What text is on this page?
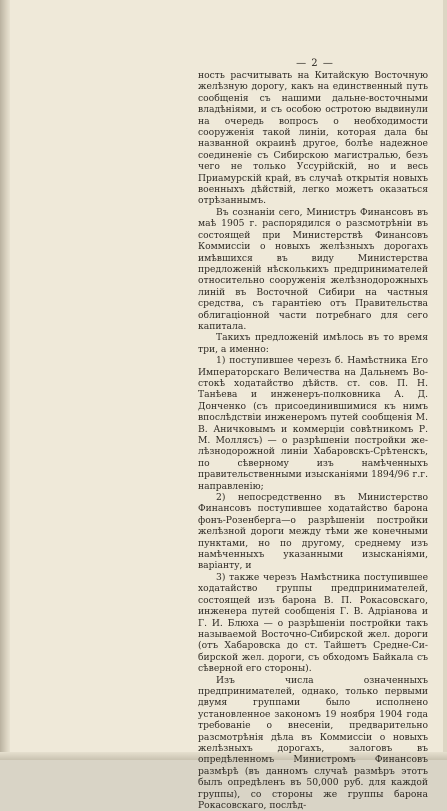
— 2 —

ность расчитывать на Китайскую Восточную желѣзную дорогу, какъ на единственный путь сообщенія съ нашими дальне-восточными владѣніями, и съ особою остротою выдвинули на очередь вопросъ о необходимости сооруженія такой линіи, которая дала бы названной окраинѣ другое, болѣе надежное соединеніе съ Сибирскою магистралью, безъ чего не только Уссурійскій, но и весь Приамурскій край, въ случаѣ открытія новыхъ военныхъ дѣйствій, легко можетъ оказаться отрѣзаннымъ.

Въ сознаніи сего, Министръ Финансовъ въ маѣ 1905 г. распорядился о разсмотрѣніи въ состоящей при Министерствѣ Финансовъ Коммиссіи о новыхъ желѣзныхъ дорогахъ имѣвшихся въ виду Министерства предложеній нѣсколькихъ предпринимателей относительно сооруженія желѣзнодорожныхъ линій въ Восточной Сибири на частныя средства, съ гарантіею отъ Правительства облигаціонной части потребнаго для сего капитала.

Такихъ предложеній имѣлось въ то время три, а именно:

1) поступившее черезъ б. Намѣстника Его Императорскаго Величества на Дальнемъ Востокѣ ходатайство дѣйств. ст. сов. П. Н. Танѣева и инженеръ-полковника А. Д. Донченко (съ присоединившимися къ нимъ впослѣдствіи инженеромъ путей сообщенія М. В. Аничковымъ и коммерціи совѣтникомъ Р. М. Моллясъ) — о разрѣшеніи постройки желѣзнодорожной линіи Хабаровскъ-Срѣтенскъ, по сѣверному изъ намѣченныхъ правительственными изысканіями 1894/96 г.г. направленію;

2) непосредственно въ Министерство Финансовъ поступившее ходатайство барона фонъ-Розенберга—о разрѣшеніи постройки желѣзной дороги между тѣми же конечными пунктами, но по другому, среднему изъ намѣченныхъ указанными изысканіями, варіанту, и

3) также черезъ Намѣстника поступившее ходатайство группы предпринимателей, состоящей изъ барона В. П. Рокасовскаго, инженера путей сообщенія Г. В. Адріанова и Г. И. Блюха — о разрѣшеніи постройки такъ называемой Восточно-Сибирской жел. дороги (отъ Хабаровска до ст. Тайшетъ Средне-Сибирской жел. дороги, съ обходомъ Байкала съ сѣверной его стороны).

Изъ числа означенныхъ предпринимателей, однако, только первыми двумя группами было исполнено установленное закономъ 19 ноября 1904 года требованіе о внесеніи, предварительно разсмотрѣнія дѣла въ Коммиссіи о новыхъ желѣзныхъ дорогахъ, залоговъ въ опредѣленномъ Министромъ Финансовъ размѣрѣ (въ данномъ случаѣ размѣръ этотъ былъ опредѣленъ въ 50,000 руб. для каждой группы), со стороны же группы барона Рокасовскаго, послѣд-
